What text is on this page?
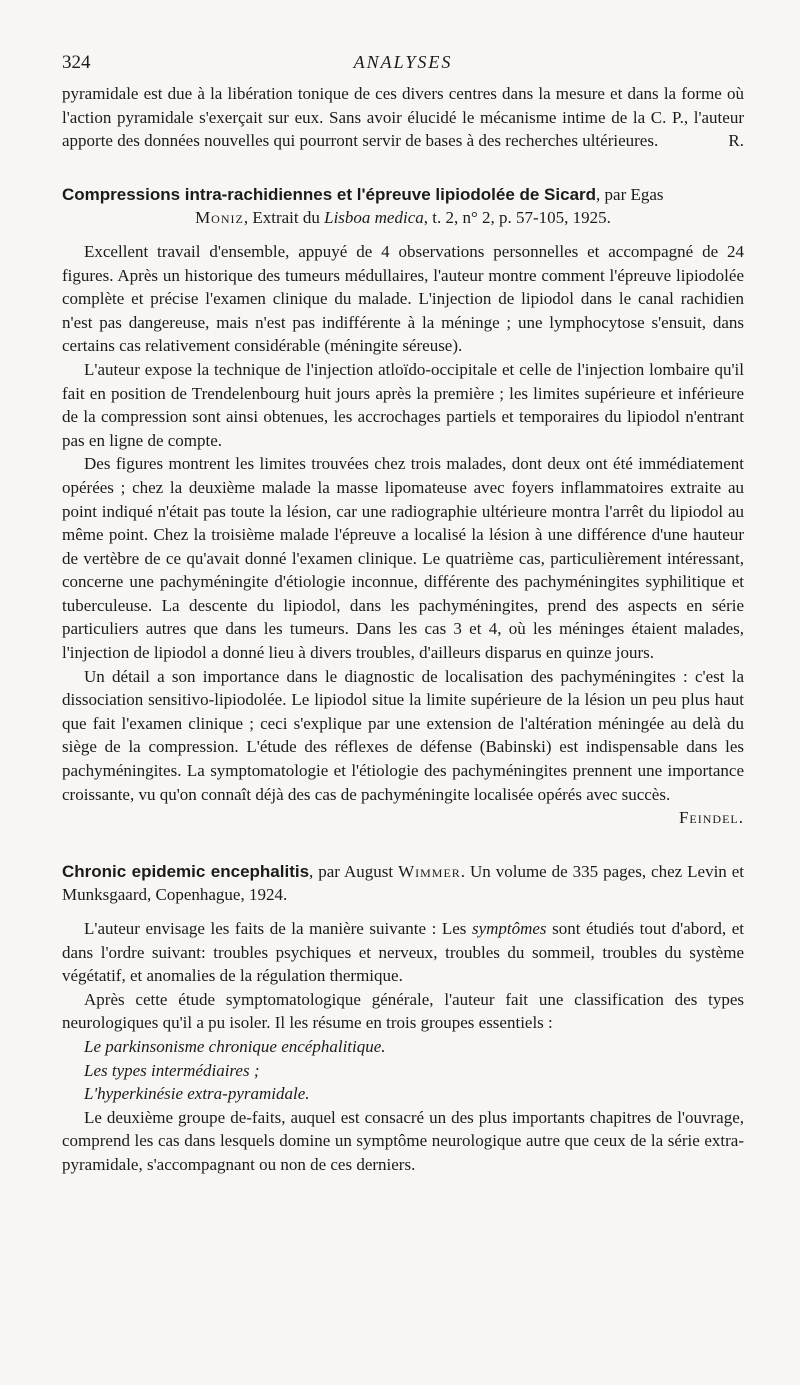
324	ANALYSES

pyramidale est due à la libération tonique de ces divers centres dans la mesure et dans la forme où l'action pyramidale s'exerçait sur eux. Sans avoir élucidé le mécanisme intime de la C. P., l'auteur apporte des données nouvelles qui pourront servir de bases à des recherches ultérieures.	R.

Compressions intra-rachidiennes et l'épreuve lipiodolée de Sicard, par Egas
Moniz, Extrait du Lisboa medica, t. 2, n° 2, p. 57-105, 1925.

Excellent travail d'ensemble, appuyé de 4 observations personnelles et accompagné de 24 figures. Après un historique des tumeurs médullaires, l'auteur montre comment l'épreuve lipiodolée complète et précise l'examen clinique du malade. L'injection de lipiodol dans le canal rachidien n'est pas dangereuse, mais n'est pas indifférente à la méninge ; une lymphocytose s'ensuit, dans certains cas relativement considérable (méningite séreuse).

L'auteur expose la technique de l'injection atloïdo-occipitale et celle de l'injection lombaire qu'il fait en position de Trendelenbourg huit jours après la première ; les limites supérieure et inférieure de la compression sont ainsi obtenues, les accrochages partiels et temporaires du lipiodol n'entrant pas en ligne de compte.

Des figures montrent les limites trouvées chez trois malades, dont deux ont été immédiatement opérées ; chez la deuxième malade la masse lipomateuse avec foyers inflammatoires extraite au point indiqué n'était pas toute la lésion, car une radiographie ultérieure montra l'arrêt du lipiodol au même point. Chez la troisième malade l'épreuve a localisé la lésion à une différence d'une hauteur de vertèbre de ce qu'avait donné l'examen clinique. Le quatrième cas, particulièrement intéressant, concerne une pachyméningite d'étiologie inconnue, différente des pachyméningites syphilitique et tuberculeuse. La descente du lipiodol, dans les pachyméningites, prend des aspects en série particuliers autres que dans les tumeurs. Dans les cas 3 et 4, où les méninges étaient malades, l'injection de lipiodol a donné lieu à divers troubles, d'ailleurs disparus en quinze jours.

Un détail a son importance dans le diagnostic de localisation des pachyméningites : c'est la dissociation sensitivo-lipiodolée. Le lipiodol situe la limite supérieure de la lésion un peu plus haut que fait l'examen clinique ; ceci s'explique par une extension de l'altération méningée au delà du siège de la compression. L'étude des réflexes de défense (Babinski) est indispensable dans les pachyméningites. La symptomatologie et l'étiologie des pachyméningites prennent une importance croissante, vu qu'on connaît déjà des cas de pachyméningite localisée opérés avec succès.
Feindel.

Chronic epidemic encephalitis, par August Wimmer. Un volume de 335 pages, chez Levin et Munksgaard, Copenhague, 1924.

L'auteur envisage les faits de la manière suivante : Les symptômes sont étudiés tout d'abord, et dans l'ordre suivant: troubles psychiques et nerveux, troubles du sommeil, troubles du système végétatif, et anomalies de la régulation thermique.

Après cette étude symptomatologique générale, l'auteur fait une classification des types neurologiques qu'il a pu isoler. Il les résume en trois groupes essentiels :

Le parkinsonisme chronique encéphalitique.

Les types intermédiaires ;

L'hyperkinésie extra-pyramidale.

Le deuxième groupe de-faits, auquel est consacré un des plus importants chapitres de l'ouvrage, comprend les cas dans lesquels domine un symptôme neurologique autre que ceux de la série extra-pyramidale, s'accompagnant ou non de ces derniers.
